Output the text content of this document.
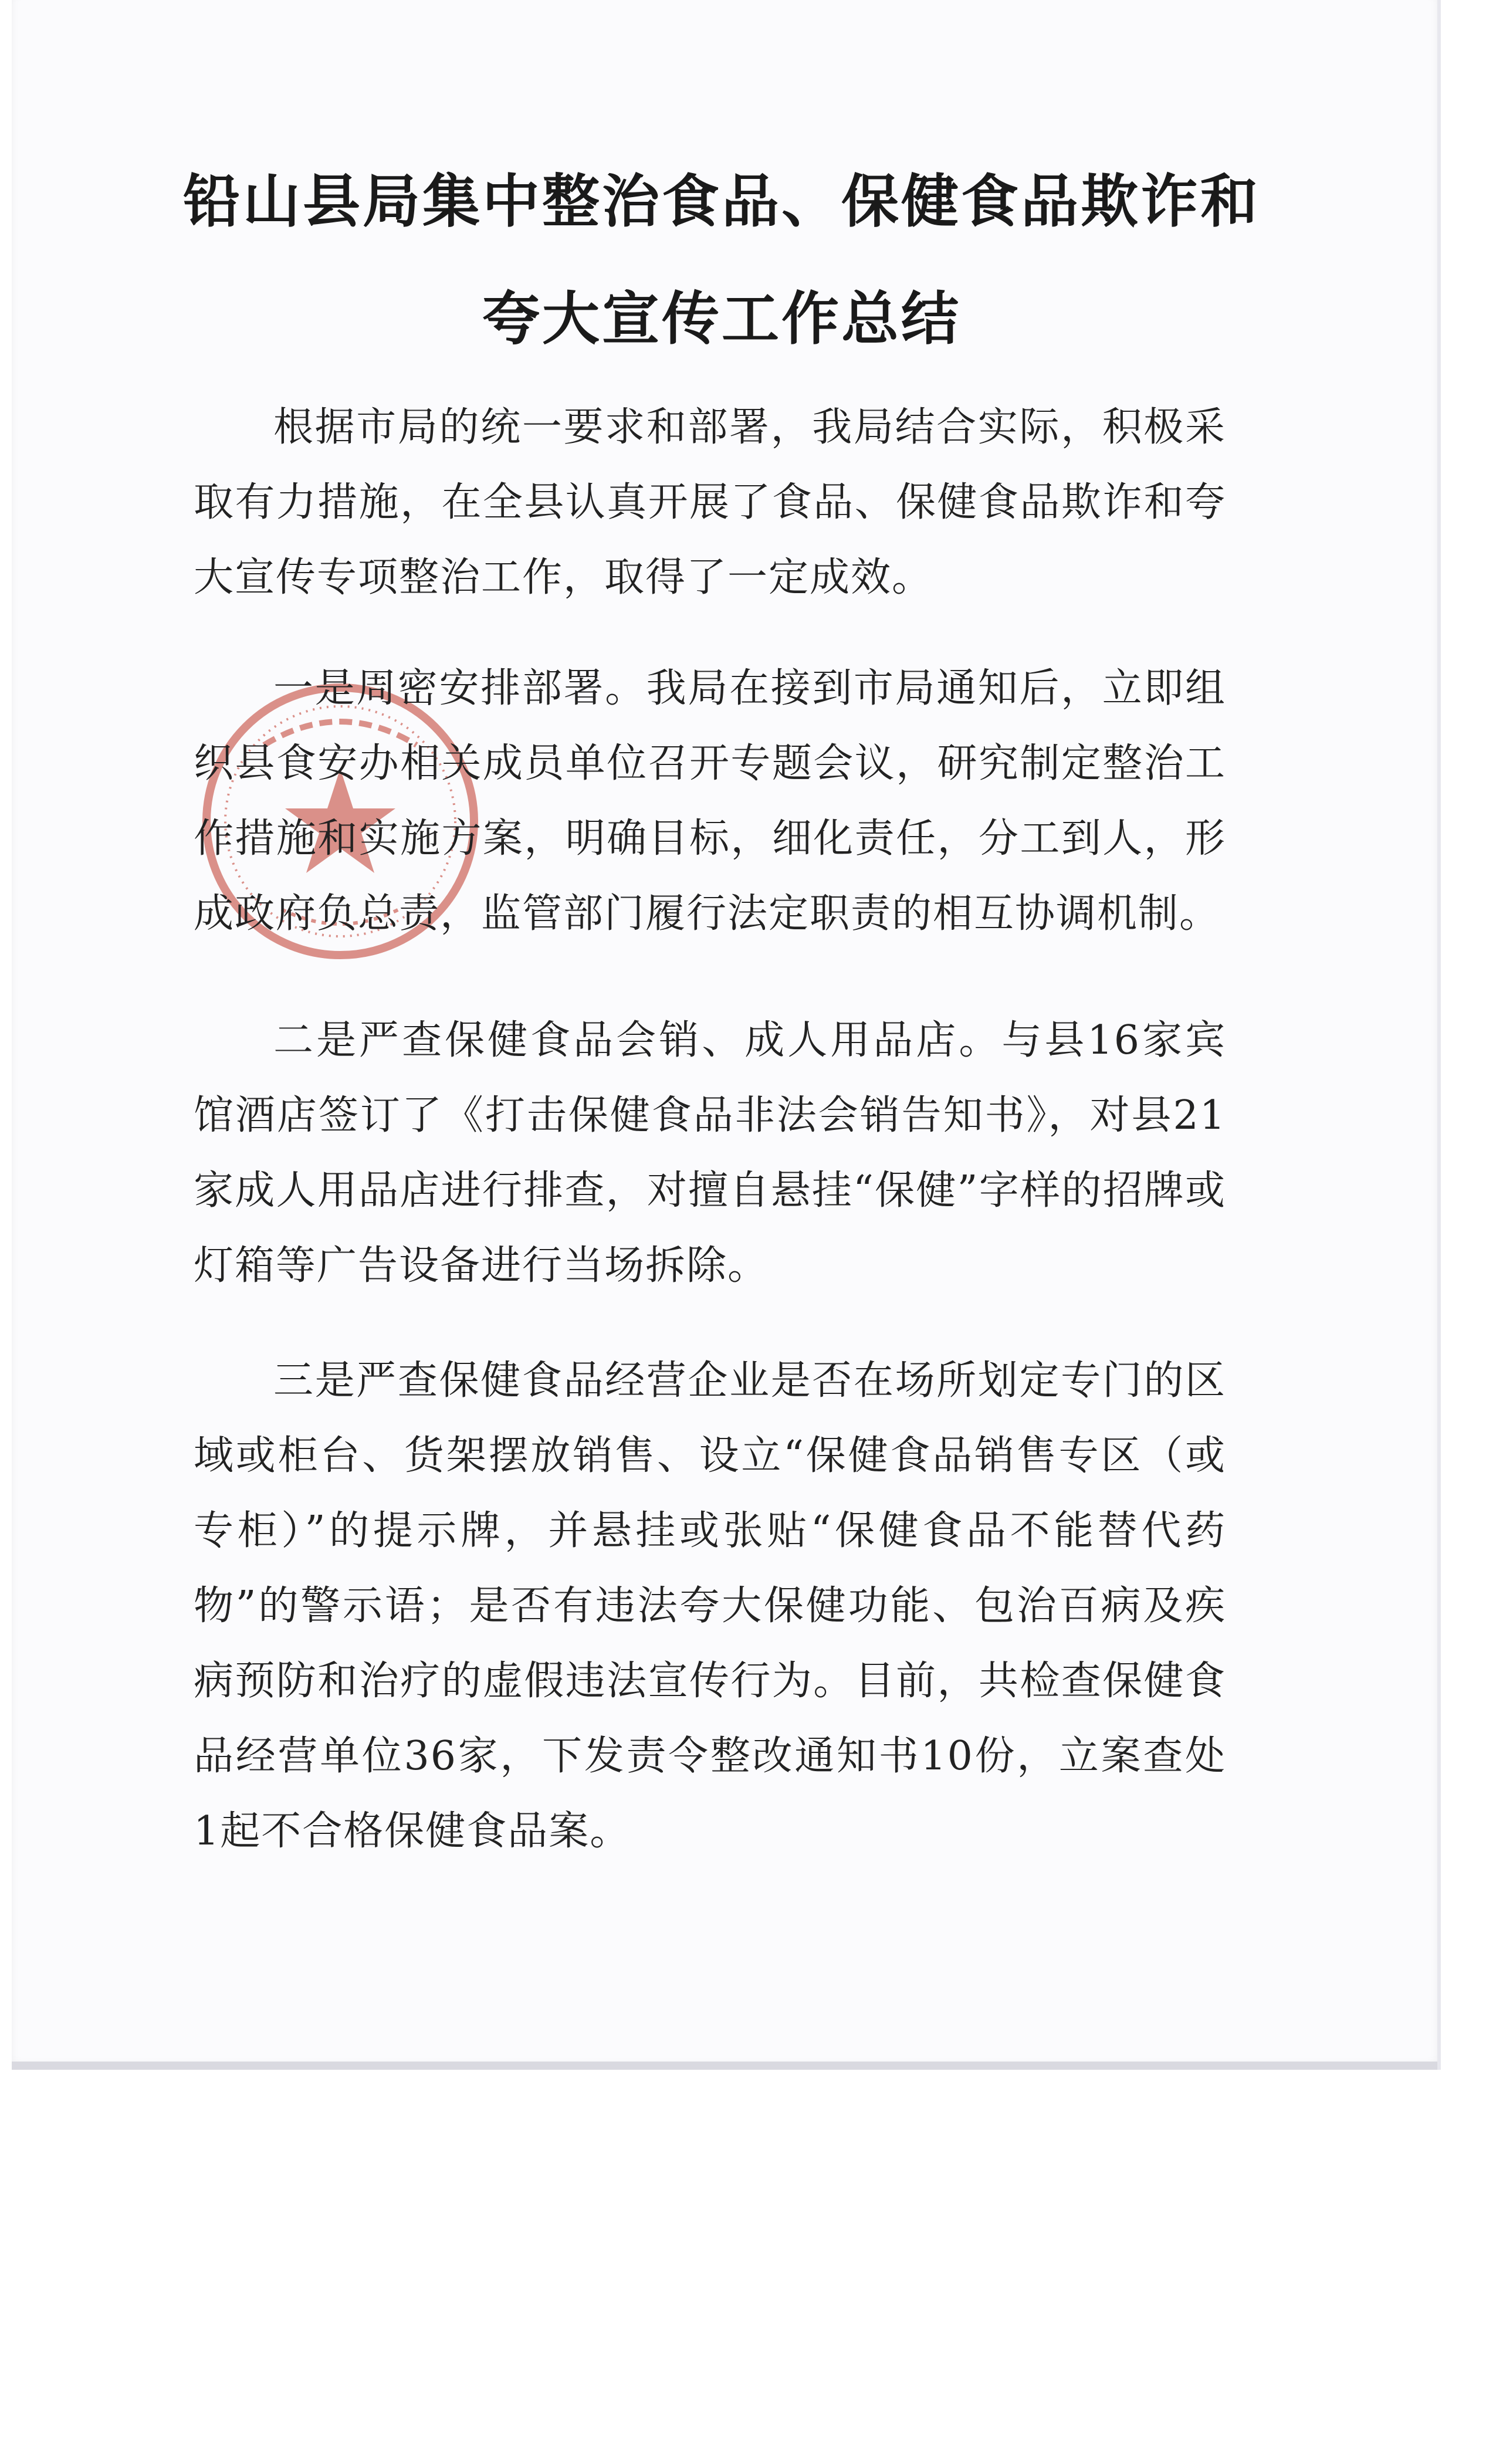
铅山县局集中整治食品、保健食品欺诈和
夸大宣传工作总结

根据市局的统一要求和部署，我局结合实际，积极采取有力措施，在全县认真开展了食品、保健食品欺诈和夸大宣传专项整治工作，取得了一定成效。

一是周密安排部署。我局在接到市局通知后，立即组织县食安办相关成员单位召开专题会议，研究制定整治工作措施和实施方案，明确目标，细化责任，分工到人，形成政府负总责，监管部门履行法定职责的相互协调机制。

二是严查保健食品会销、成人用品店。与县16家宾馆酒店签订了《打击保健食品非法会销告知书》，对县21家成人用品店进行排查，对擅自悬挂“保健”字样的招牌或灯箱等广告设备进行当场拆除。

三是严查保健食品经营企业是否在场所划定专门的区域或柜台、货架摆放销售、设立“保健食品销售专区（或专柜）”的提示牌，并悬挂或张贴“保健食品不能替代药物”的警示语；是否有违法夸大保健功能、包治百病及疾病预防和治疗的虚假违法宣传行为。目前，共检查保健食品经营单位36家，下发责令整改通知书10份，立案查处1起不合格保健食品案。
